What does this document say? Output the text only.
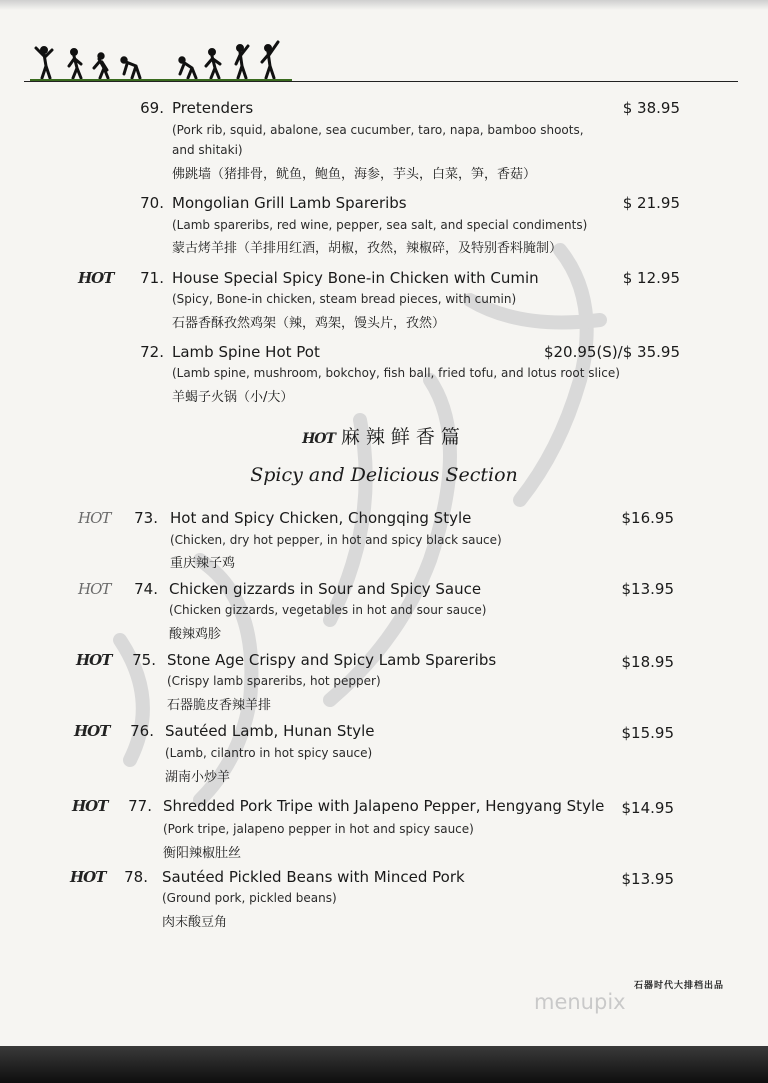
69. Pretenders	$ 38.95
(Pork rib, squid, abalone, sea cucumber, taro, napa, bamboo shoots,
and shitaki)
佛跳墙（猪排骨，鱿鱼，鲍鱼，海参，芋头，白菜，笋，香菇）
70. Mongolian Grill Lamb Spareribs	$ 21.95
(Lamb spareribs, red wine, pepper, sea salt, and special condiments)
蒙古烤羊排（羊排用红酒，胡椒，孜然，辣椒碎，及特别香料腌制）
HOT	71. House Special Spicy Bone-in Chicken with Cumin	$ 12.95
(Spicy, Bone-in chicken, steam bread pieces, with cumin)
石器香酥孜然鸡架（辣，鸡架，馒头片，孜然）
72. Lamb Spine Hot Pot	$20.95(S)/$ 35.95
(Lamb spine, mushroom, bokchoy, fish ball, fried tofu, and lotus root slice)
羊蝎子火锅（小/大）
HOT 麻辣鲜香篇
Spicy and Delicious Section
HOT	73. Hot and Spicy Chicken, Chongqing Style	$16.95
(Chicken, dry hot pepper, in hot and spicy black sauce)
重庆辣子鸡
HOT	74. Chicken gizzards in Sour and Spicy Sauce	$13.95
(Chicken gizzards, vegetables in hot and sour sauce)
酸辣鸡胗
HOT	75. Stone Age Crispy and Spicy Lamb Spareribs	$18.95
(Crispy lamb spareribs, hot pepper)
石器脆皮香辣羊排
HOT	76. Sautéed Lamb, Hunan Style	$15.95
(Lamb, cilantro in hot spicy sauce)
湖南小炒羊
HOT	77. Shredded Pork Tripe with Jalapeno Pepper, Hengyang Style $14.95
(Pork tripe, jalapeno pepper in hot and spicy sauce)
衡阳辣椒肚丝
HOT	78. Sautéed Pickled Beans with Minced Pork	$13.95
(Ground pork, pickled beans)
肉末酸豆角
石器时代大排档出品
menupix
